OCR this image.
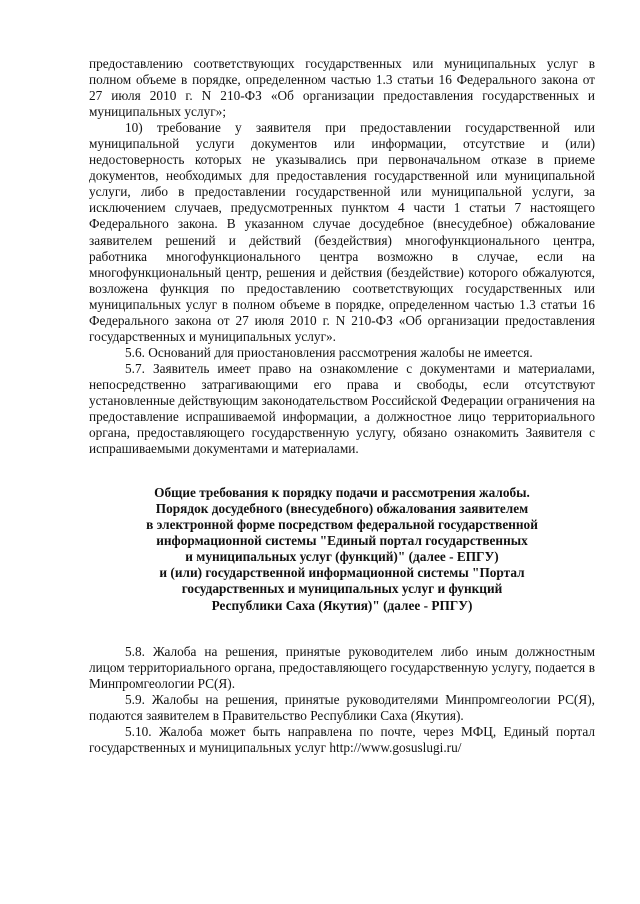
предоставлению соответствующих государственных или муниципальных услуг в полном объеме в порядке, определенном частью 1.3 статьи 16 Федерального закона от 27 июля 2010 г. N 210-ФЗ «Об организации предоставления государственных и муниципальных услуг»;

10) требование у заявителя при предоставлении государственной или муниципальной услуги документов или информации, отсутствие и (или) недостоверность которых не указывались при первоначальном отказе в приеме документов, необходимых для предоставления государственной или муниципальной услуги, либо в предоставлении государственной или муниципальной услуги, за исключением случаев, предусмотренных пунктом 4 части 1 статьи 7 настоящего Федерального закона. В указанном случае досудебное (внесудебное) обжалование заявителем решений и действий (бездействия) многофункционального центра, работника многофункционального центра возможно в случае, если на многофункциональный центр, решения и действия (бездействие) которого обжалуются, возложена функция по предоставлению соответствующих государственных или муниципальных услуг в полном объеме в порядке, определенном частью 1.3 статьи 16 Федерального закона от 27 июля 2010 г. N 210-ФЗ «Об организации предоставления государственных и муниципальных услуг».

5.6. Оснований для приостановления рассмотрения жалобы не имеется.

5.7. Заявитель имеет право на ознакомление с документами и материалами, непосредственно затрагивающими его права и свободы, если отсутствуют установленные действующим законодательством Российской Федерации ограничения на предоставление испрашиваемой информации, а должностное лицо территориального органа, предоставляющего государственную услугу, обязано ознакомить Заявителя с испрашиваемыми документами и материалами.

Общие требования к порядку подачи и рассмотрения жалобы.
Порядок досудебного (внесудебного) обжалования заявителем
в электронной форме посредством федеральной государственной
информационной системы "Единый портал государственных
и муниципальных услуг (функций)" (далее - ЕПГУ)
и (или) государственной информационной системы "Портал
государственных и муниципальных услуг и функций
Республики Саха (Якутия)" (далее - РПГУ)

5.8. Жалоба на решения, принятые руководителем либо иным должностным лицом территориального органа, предоставляющего государственную услугу, подается в Минпромгеологии РС(Я).

5.9. Жалобы на решения, принятые руководителями Минпромгеологии РС(Я), подаются заявителем в Правительство Республики Саха (Якутия).

5.10. Жалоба может быть направлена по почте, через МФЦ, Единый портал государственных и муниципальных услуг http://www.gosuslugi.ru/
